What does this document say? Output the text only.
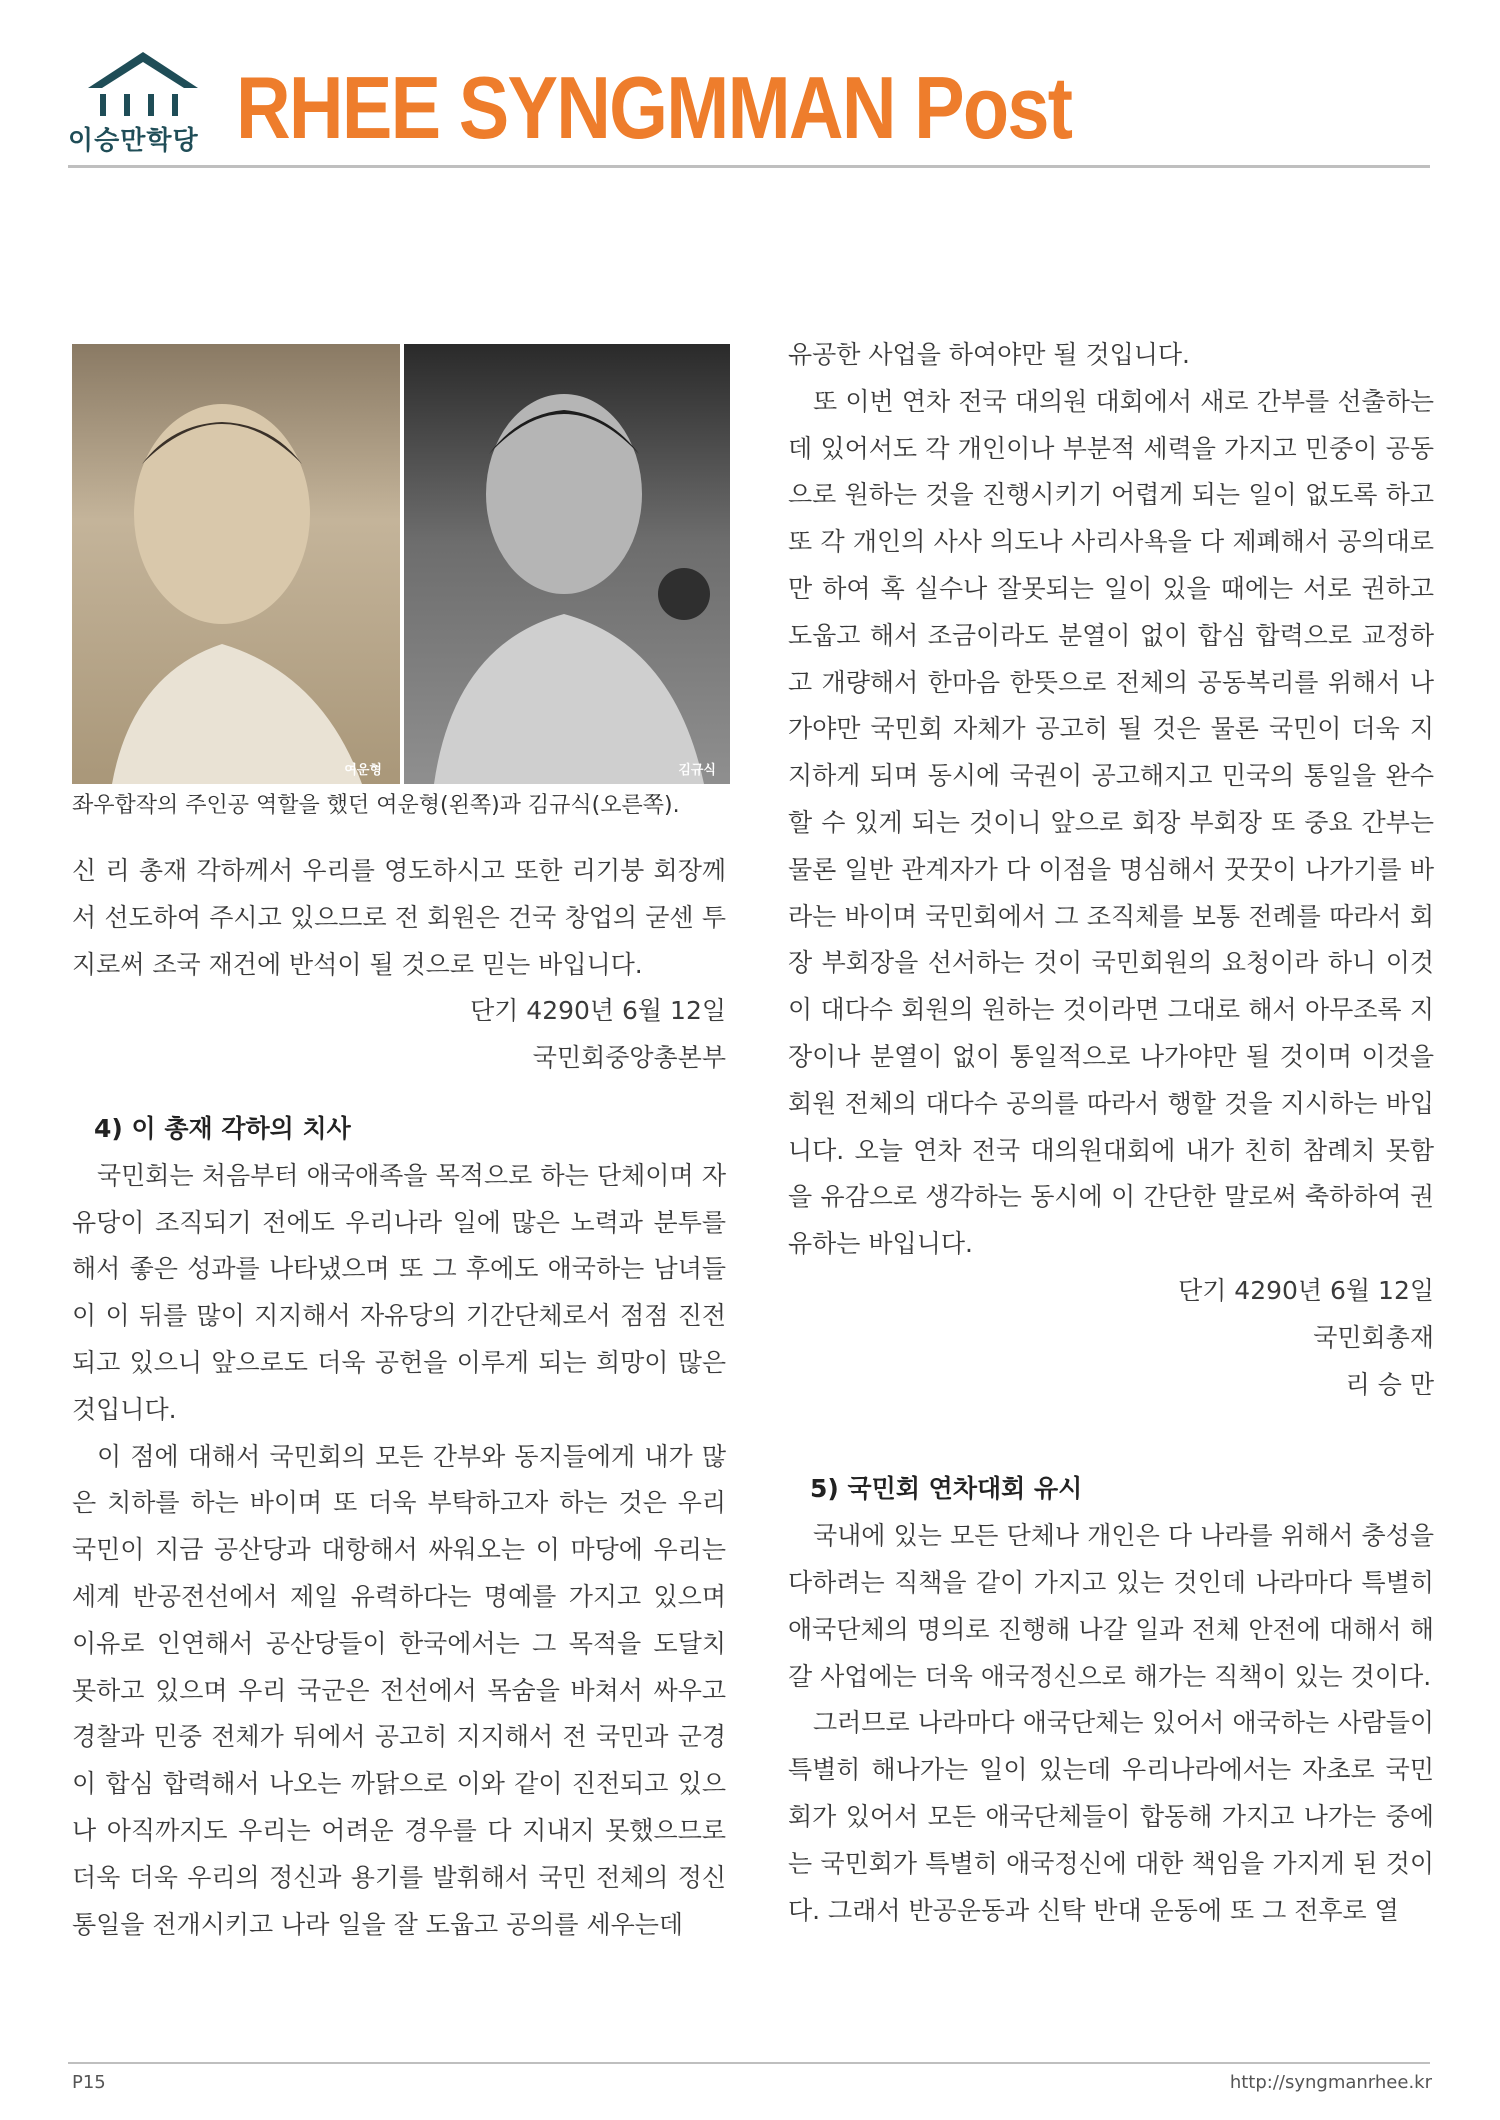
이승만학당 RHEE SYNGMMAN Post
여운형	김규식
좌우합작의 주인공 역할을 했던 여운형(왼쪽)과 김규식(오른쪽).

신 리 총재 각하께서 우리를 영도하시고 또한 리기붕 회장께서 선도하여 주시고 있으므로 전 회원은 건국 창업의 굳센 투지로써 조국 재건에 반석이 될 것으로 믿는 바입니다.

단기 4290년 6월 12일

국민회중앙총본부

4) 이 총재 각하의 치사

국민회는 처음부터 애국애족을 목적으로 하는 단체이며 자유당이 조직되기 전에도 우리나라 일에 많은 노력과 분투를 해서 좋은 성과를 나타냈으며 또 그 후에도 애국하는 남녀들이 이 뒤를 많이 지지해서 자유당의 기간단체로서 점점 진전되고 있으니 앞으로도 더욱 공헌을 이루게 되는 희망이 많은 것입니다.

이 점에 대해서 국민회의 모든 간부와 동지들에게 내가 많은 치하를 하는 바이며 또 더욱 부탁하고자 하는 것은 우리 국민이 지금 공산당과 대항해서 싸워오는 이 마당에 우리는 세계 반공전선에서 제일 유력하다는 명예를 가지고 있으며 이유로 인연해서 공산당들이 한국에서는 그 목적을 도달치 못하고 있으며 우리 국군은 전선에서 목숨을 바쳐서 싸우고 경찰과 민중 전체가 뒤에서 공고히 지지해서 전 국민과 군경이 합심 합력해서 나오는 까닭으로 이와 같이 진전되고 있으나 아직까지도 우리는 어려운 경우를 다 지내지 못했으므로 더욱 더욱 우리의 정신과 용기를 발휘해서 국민 전체의 정신통일을 전개시키고 나라 일을 잘 도웁고 공의를 세우는데

유공한 사업을 하여야만 될 것입니다.

또 이번 연차 전국 대의원 대회에서 새로 간부를 선출하는 데 있어서도 각 개인이나 부분적 세력을 가지고 민중이 공동으로 원하는 것을 진행시키기 어렵게 되는 일이 없도록 하고 또 각 개인의 사사 의도나 사리사욕을 다 제폐해서 공의대로만 하여 혹 실수나 잘못되는 일이 있을 때에는 서로 권하고 도웁고 해서 조금이라도 분열이 없이 합심 합력으로 교정하고 개량해서 한마음 한뜻으로 전체의 공동복리를 위해서 나가야만 국민회 자체가 공고히 될 것은 물론 국민이 더욱 지지하게 되며 동시에 국권이 공고해지고 민국의 통일을 완수할 수 있게 되는 것이니 앞으로 회장 부회장 또 중요 간부는 물론 일반 관계자가 다 이점을 명심해서 꿋꿋이 나가기를 바라는 바이며 국민회에서 그 조직체를 보통 전례를 따라서 회장 부회장을 선서하는 것이 국민회원의 요청이라 하니 이것이 대다수 회원의 원하는 것이라면 그대로 해서 아무조록 지장이나 분열이 없이 통일적으로 나가야만 될 것이며 이것을 회원 전체의 대다수 공의를 따라서 행할 것을 지시하는 바입니다. 오늘 연차 전국 대의원대회에 내가 친히 참례치 못함을 유감으로 생각하는 동시에 이 간단한 말로써 축하하여 권유하는 바입니다.

단기 4290년 6월 12일

국민회총재

리 승 만

5) 국민회 연차대회 유시

국내에 있는 모든 단체나 개인은 다 나라를 위해서 충성을 다하려는 직책을 같이 가지고 있는 것인데 나라마다 특별히 애국단체의 명의로 진행해 나갈 일과 전체 안전에 대해서 해 갈 사업에는 더욱 애국정신으로 해가는 직책이 있는 것이다.

그러므로 나라마다 애국단체는 있어서 애국하는 사람들이 특별히 해나가는 일이 있는데 우리나라에서는 자초로 국민회가 있어서 모든 애국단체들이 합동해 가지고 나가는 중에는 국민회가 특별히 애국정신에 대한 책임을 가지게 된 것이다. 그래서 반공운동과 신탁 반대 운동에 또 그 전후로 열

P15	http://syngmanrhee.kr
